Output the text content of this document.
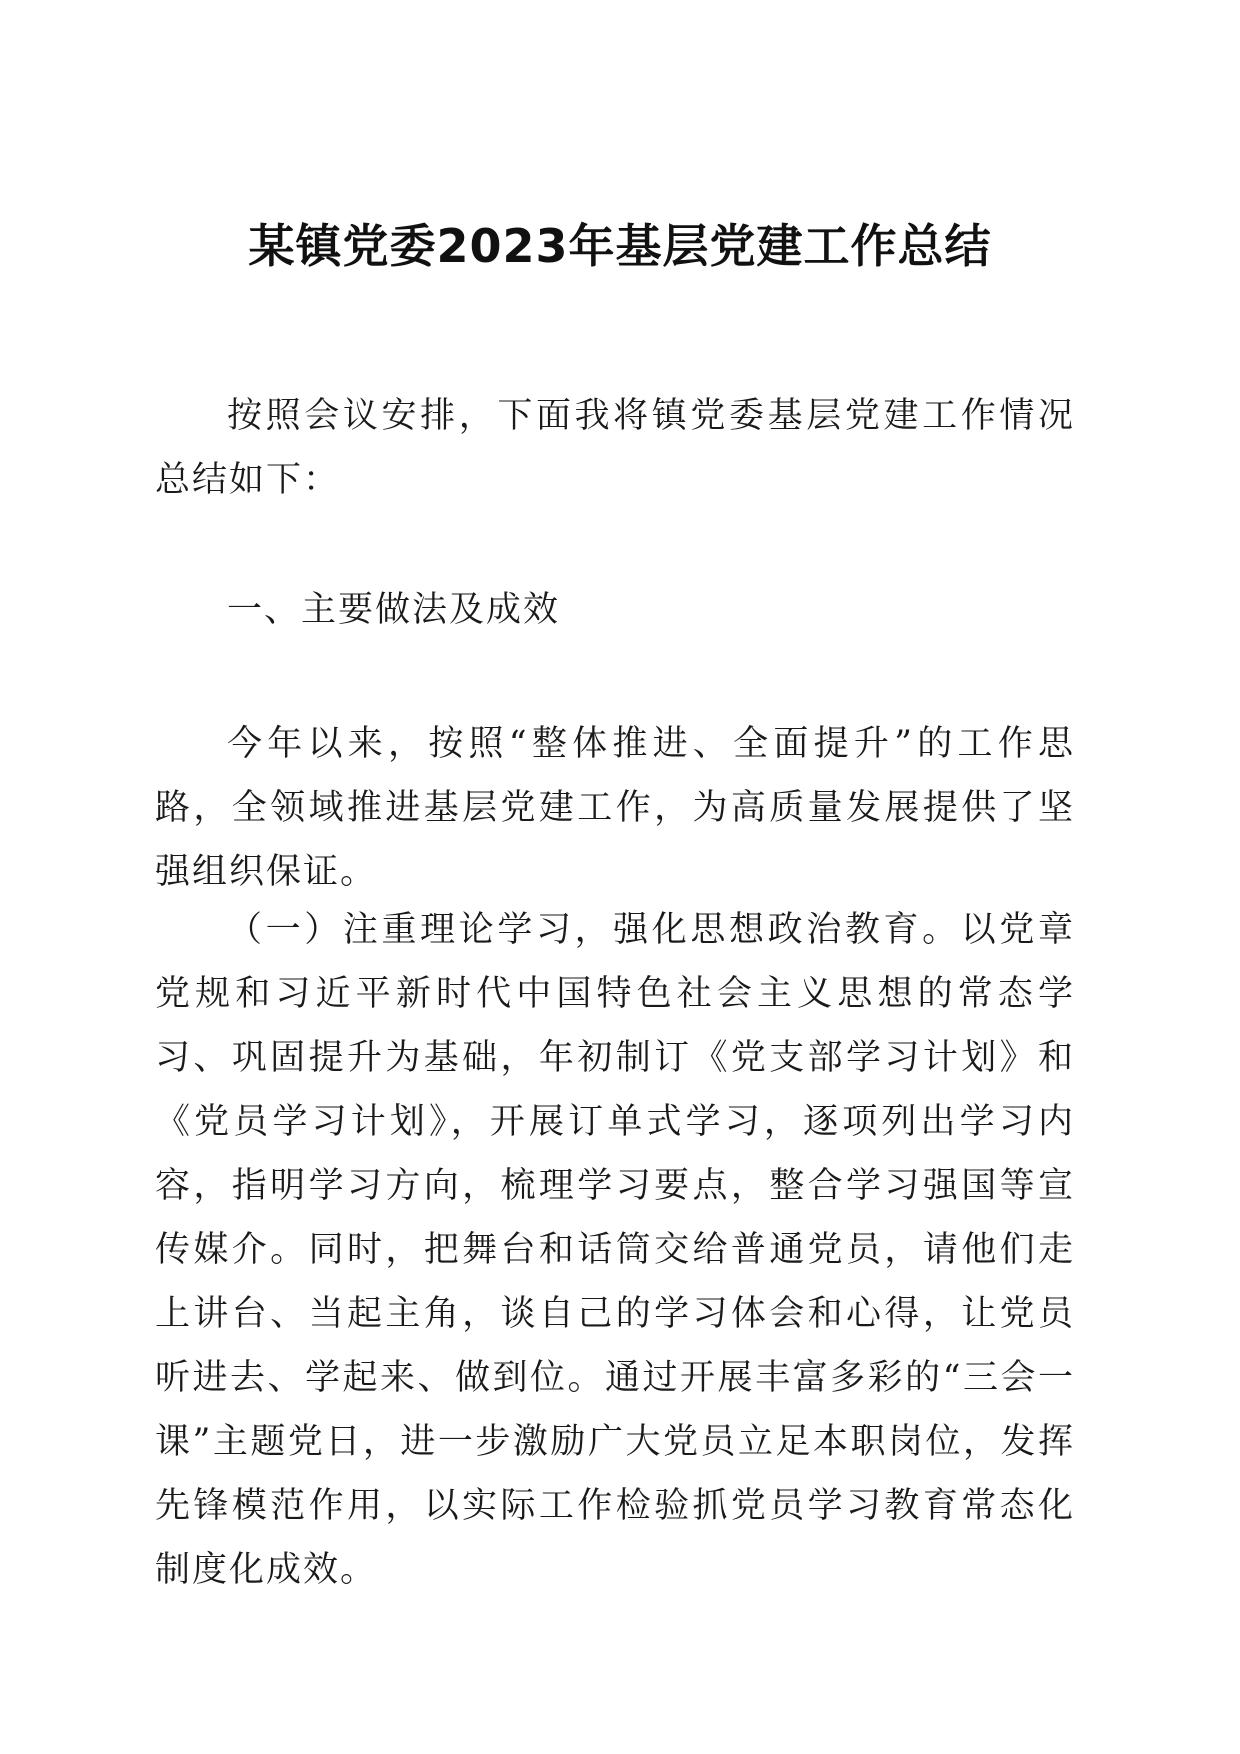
某镇党委2023年基层党建工作总结

按照会议安排，下面我将镇党委基层党建工作情况总结如下：

一、主要做法及成效

今年以来，按照“整体推进、全面提升”的工作思路，全领域推进基层党建工作，为高质量发展提供了坚强组织保证。

（一）注重理论学习，强化思想政治教育。以党章党规和习近平新时代中国特色社会主义思想的常态学习、巩固提升为基础，年初制订《党支部学习计划》和《党员学习计划》，开展订单式学习，逐项列出学习内容，指明学习方向，梳理学习要点，整合学习强国等宣传媒介。同时，把舞台和话筒交给普通党员，请他们走上讲台、当起主角，谈自己的学习体会和心得，让党员听进去、学起来、做到位。通过开展丰富多彩的“三会一课”主题党日，进一步激励广大党员立足本职岗位，发挥先锋模范作用，以实际工作检验抓党员学习教育常态化制度化成效。
